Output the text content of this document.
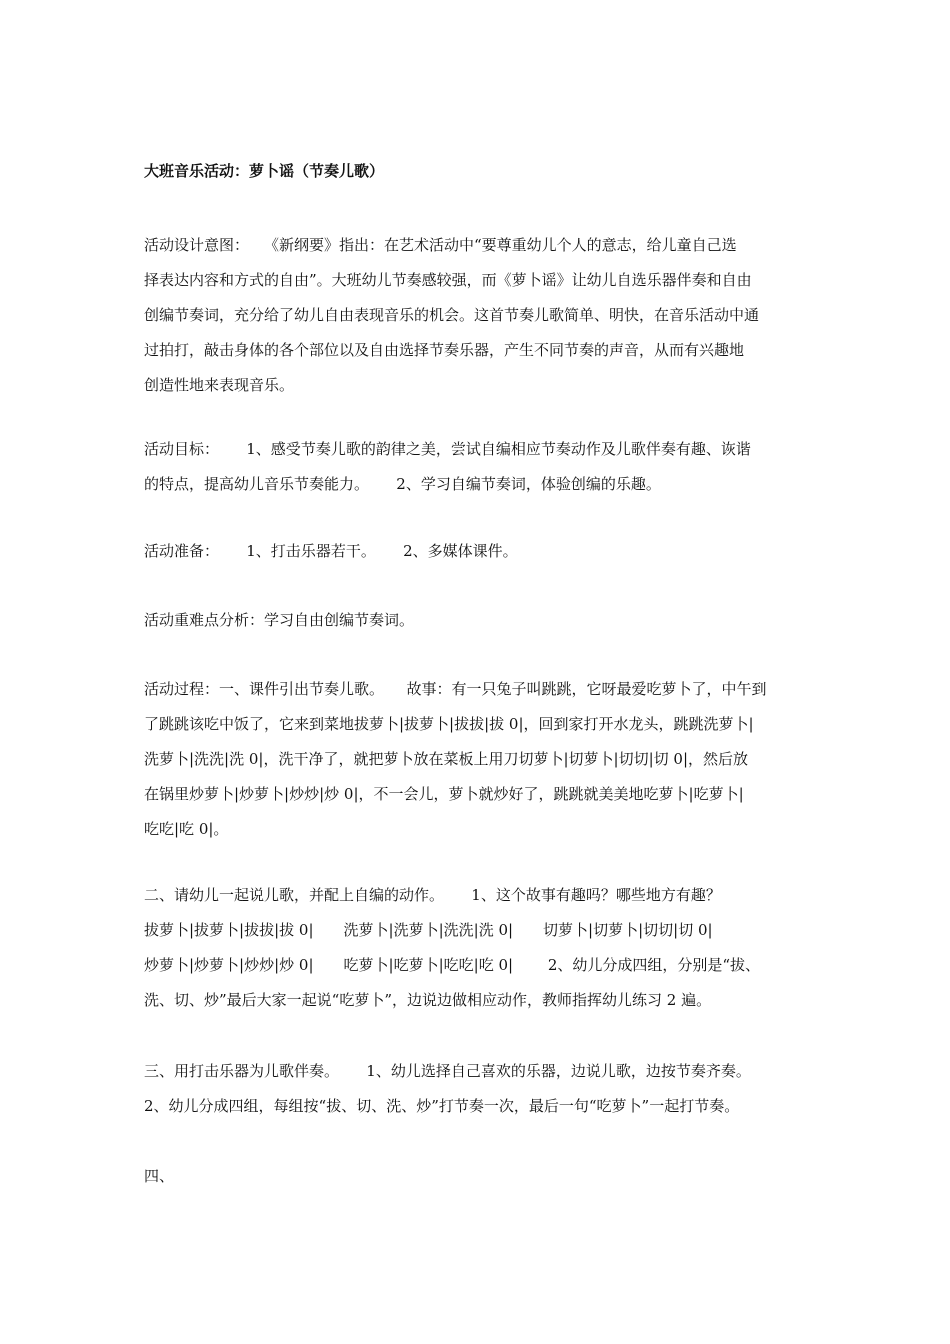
大班音乐活动：萝卜谣（节奏儿歌）
活动设计意图：　　《新纲要》指出：在艺术活动中“要尊重幼儿个人的意志，给儿童自己选
择表达内容和方式的自由”。大班幼儿节奏感较强，而《萝卜谣》让幼儿自选乐器伴奏和自由
创编节奏词，充分给了幼儿自由表现音乐的机会。这首节奏儿歌简单、明快，在音乐活动中通
过拍打，敲击身体的各个部位以及自由选择节奏乐器，产生不同节奏的声音，从而有兴趣地
创造性地来表现音乐。
活动目标：　　 1、感受节奏儿歌的韵律之美，尝试自编相应节奏动作及儿歌伴奏有趣、诙谐
的特点，提高幼儿音乐节奏能力。　　 2、学习自编节奏词，体验创编的乐趣。
活动准备：　　 1、打击乐器若干。　　 2、多媒体课件。
活动重难点分析：学习自由创编节奏词。
活动过程：一、课件引出节奏儿歌。　　故事：有一只兔子叫跳跳，它呀最爱吃萝卜了，中午到
了跳跳该吃中饭了，它来到菜地拔萝卜|拔萝卜|拔拔|拔 0|，回到家打开水龙头，跳跳洗萝卜|
洗萝卜|洗洗|洗 0|，洗干净了，就把萝卜放在菜板上用刀切萝卜|切萝卜|切切|切 0|，然后放
在锅里炒萝卜|炒萝卜|炒炒|炒 0|，不一会儿，萝卜就炒好了，跳跳就美美地吃萝卜|吃萝卜|
吃吃|吃 0|。
二、请幼儿一起说儿歌，并配上自编的动作。　　 1、这个故事有趣吗？哪些地方有趣？
拔萝卜|拔萝卜|拔拔|拔 0|　　洗萝卜|洗萝卜|洗洗|洗 0|　　切萝卜|切萝卜|切切|切 0|
炒萝卜|炒萝卜|炒炒|炒 0|　　吃萝卜|吃萝卜|吃吃|吃 0|　　 2、幼儿分成四组，分别是“拔、
洗、切、炒”最后大家一起说“吃萝卜”，边说边做相应动作，教师指挥幼儿练习 2 遍。
三、用打击乐器为儿歌伴奏。　　 1、幼儿选择自己喜欢的乐器，边说儿歌，边按节奏齐奏。
2、幼儿分成四组，每组按“拔、切、洗、炒”打节奏一次，最后一句“吃萝卜”一起打节奏。
四、
